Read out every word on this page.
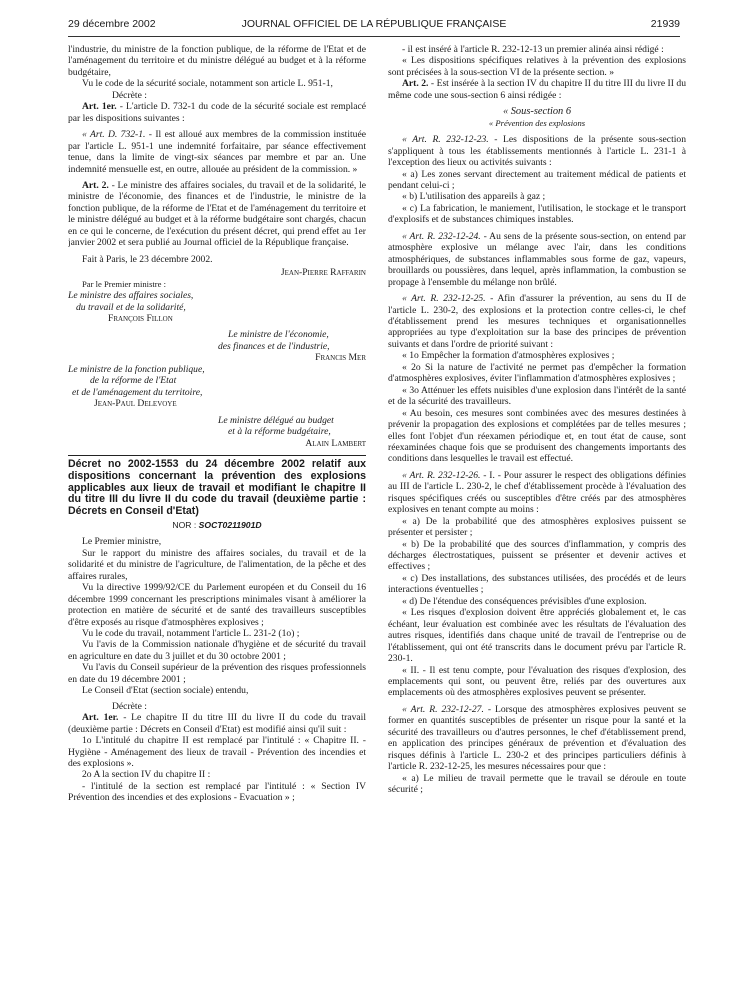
29 décembre 2002	JOURNAL OFFICIEL DE LA RÉPUBLIQUE FRANÇAISE	21939

l'industrie, du ministre de la fonction publique, de la réforme de l'Etat et de l'aménagement du territoire et du ministre délégué au budget et à la réforme budgétaire,

Vu le code de la sécurité sociale, notamment son article L. 951-1,

Décrète :

Art. 1er. - L'article D. 732-1 du code de la sécurité sociale est remplacé par les dispositions suivantes :

« Art. D. 732-1. - Il est alloué aux membres de la commission instituée par l'article L. 951-1 une indemnité forfaitaire, par séance effectivement tenue, dans la limite de vingt-six séances par membre et par an. Une indemnité mensuelle est, en outre, allouée au président de la commission. »

Art. 2. - Le ministre des affaires sociales, du travail et de la solidarité, le ministre de l'économie, des finances et de l'industrie, le ministre de la fonction publique, de la réforme de l'Etat et de l'aménagement du territoire et le ministre délégué au budget et à la réforme budgétaire sont chargés, chacun en ce qui le concerne, de l'exécution du présent décret, qui prend effet au 1er janvier 2002 et sera publié au Journal officiel de la République française.

Fait à Paris, le 23 décembre 2002.

Jean-Pierre Raffarin

Par le Premier ministre :

Le ministre des affaires sociales,

du travail et de la solidarité,

François Fillon

Le ministre de l'économie,

des finances et de l'industrie,

Francis Mer

Le ministre de la fonction publique,

de la réforme de l'Etat

et de l'aménagement du territoire,

Jean-Paul Delevoye

Le ministre délégué au budget

et à la réforme budgétaire,

Alain Lambert

Décret no 2002-1553 du 24 décembre 2002 relatif aux dispositions concernant la prévention des explosions applicables aux lieux de travail et modifiant le chapitre II du titre III du livre II du code du travail (deuxième partie : Décrets en Conseil d'Etat)

NOR : SOCT0211901D

Le Premier ministre,

Sur le rapport du ministre des affaires sociales, du travail et de la solidarité et du ministre de l'agriculture, de l'alimentation, de la pêche et des affaires rurales,

Vu la directive 1999/92/CE du Parlement européen et du Conseil du 16 décembre 1999 concernant les prescriptions minimales visant à améliorer la protection en matière de sécurité et de santé des travailleurs susceptibles d'être exposés au risque d'atmosphères explosives ;

Vu le code du travail, notamment l'article L. 231-2 (1o) ;

Vu l'avis de la Commission nationale d'hygiène et de sécurité du travail en agriculture en date du 3 juillet et du 30 octobre 2001 ;

Vu l'avis du Conseil supérieur de la prévention des risques professionnels en date du 19 décembre 2001 ;

Le Conseil d'Etat (section sociale) entendu,

Décrète :

Art. 1er. - Le chapitre II du titre III du livre II du code du travail (deuxième partie : Décrets en Conseil d'Etat) est modifié ainsi qu'il suit :

1o L'intitulé du chapitre II est remplacé par l'intitulé : « Chapitre II. - Hygiène - Aménagement des lieux de travail - Prévention des incendies et des explosions ».

2o A la section IV du chapitre II :

- l'intitulé de la section est remplacé par l'intitulé : « Section IV Prévention des incendies et des explosions - Evacuation » ;

- il est inséré à l'article R. 232-12-13 un premier alinéa ainsi rédigé :

« Les dispositions spécifiques relatives à la prévention des explosions sont précisées à la sous-section VI de la présente section. »

Art. 2. - Est insérée à la section IV du chapitre II du titre III du livre II du même code une sous-section 6 ainsi rédigée :

« Sous-section 6

« Prévention des explosions

« Art. R. 232-12-23. - Les dispositions de la présente sous-section s'appliquent à tous les établissements mentionnés à l'article L. 231-1 à l'exception des lieux ou activités suivants :

« a) Les zones servant directement au traitement médical de patients et pendant celui-ci ;

« b) L'utilisation des appareils à gaz ;

« c) La fabrication, le maniement, l'utilisation, le stockage et le transport d'explosifs et de substances chimiques instables.

« Art. R. 232-12-24. - Au sens de la présente sous-section, on entend par atmosphère explosive un mélange avec l'air, dans les conditions atmosphériques, de substances inflammables sous forme de gaz, vapeurs, brouillards ou poussières, dans lequel, après inflammation, la combustion se propage à l'ensemble du mélange non brûlé.

« Art. R. 232-12-25. - Afin d'assurer la prévention, au sens du II de l'article L. 230-2, des explosions et la protection contre celles-ci, le chef d'établissement prend les mesures techniques et organisationnelles appropriées au type d'exploitation sur la base des principes de prévention suivants et dans l'ordre de priorité suivant :

« 1o Empêcher la formation d'atmosphères explosives ;

« 2o Si la nature de l'activité ne permet pas d'empêcher la formation d'atmosphères explosives, éviter l'inflammation d'atmosphères explosives ;

« 3o Atténuer les effets nuisibles d'une explosion dans l'intérêt de la santé et de la sécurité des travailleurs.

« Au besoin, ces mesures sont combinées avec des mesures destinées à prévenir la propagation des explosions et complétées par de telles mesures ; elles font l'objet d'un réexamen périodique et, en tout état de cause, sont réexaminées chaque fois que se produisent des changements importants des conditions dans lesquelles le travail est effectué.

« Art. R. 232-12-26. - I. - Pour assurer le respect des obligations définies au III de l'article L. 230-2, le chef d'établissement procède à l'évaluation des risques spécifiques créés ou susceptibles d'être créés par des atmosphères explosives en tenant compte au moins :

« a) De la probabilité que des atmosphères explosives puissent se présenter et persister ;

« b) De la probabilité que des sources d'inflammation, y compris des décharges électrostatiques, puissent se présenter et devenir actives et effectives ;

« c) Des installations, des substances utilisées, des procédés et de leurs interactions éventuelles ;

« d) De l'étendue des conséquences prévisibles d'une explosion.

« Les risques d'explosion doivent être appréciés globalement et, le cas échéant, leur évaluation est combinée avec les résultats de l'évaluation des autres risques, identifiés dans chaque unité de travail de l'entreprise ou de l'établissement, qui ont été transcrits dans le document prévu par l'article R. 230-1.

« II. - Il est tenu compte, pour l'évaluation des risques d'explosion, des emplacements qui sont, ou peuvent être, reliés par des ouvertures aux emplacements où des atmosphères explosives peuvent se présenter.

« Art. R. 232-12-27. - Lorsque des atmosphères explosives peuvent se former en quantités susceptibles de présenter un risque pour la santé et la sécurité des travailleurs ou d'autres personnes, le chef d'établissement prend, en application des principes généraux de prévention et d'évaluation des risques définis à l'article L. 230-2 et des principes particuliers définis à l'article R. 232-12-25, les mesures nécessaires pour que :

« a) Le milieu de travail permette que le travail se déroule en toute sécurité ;
